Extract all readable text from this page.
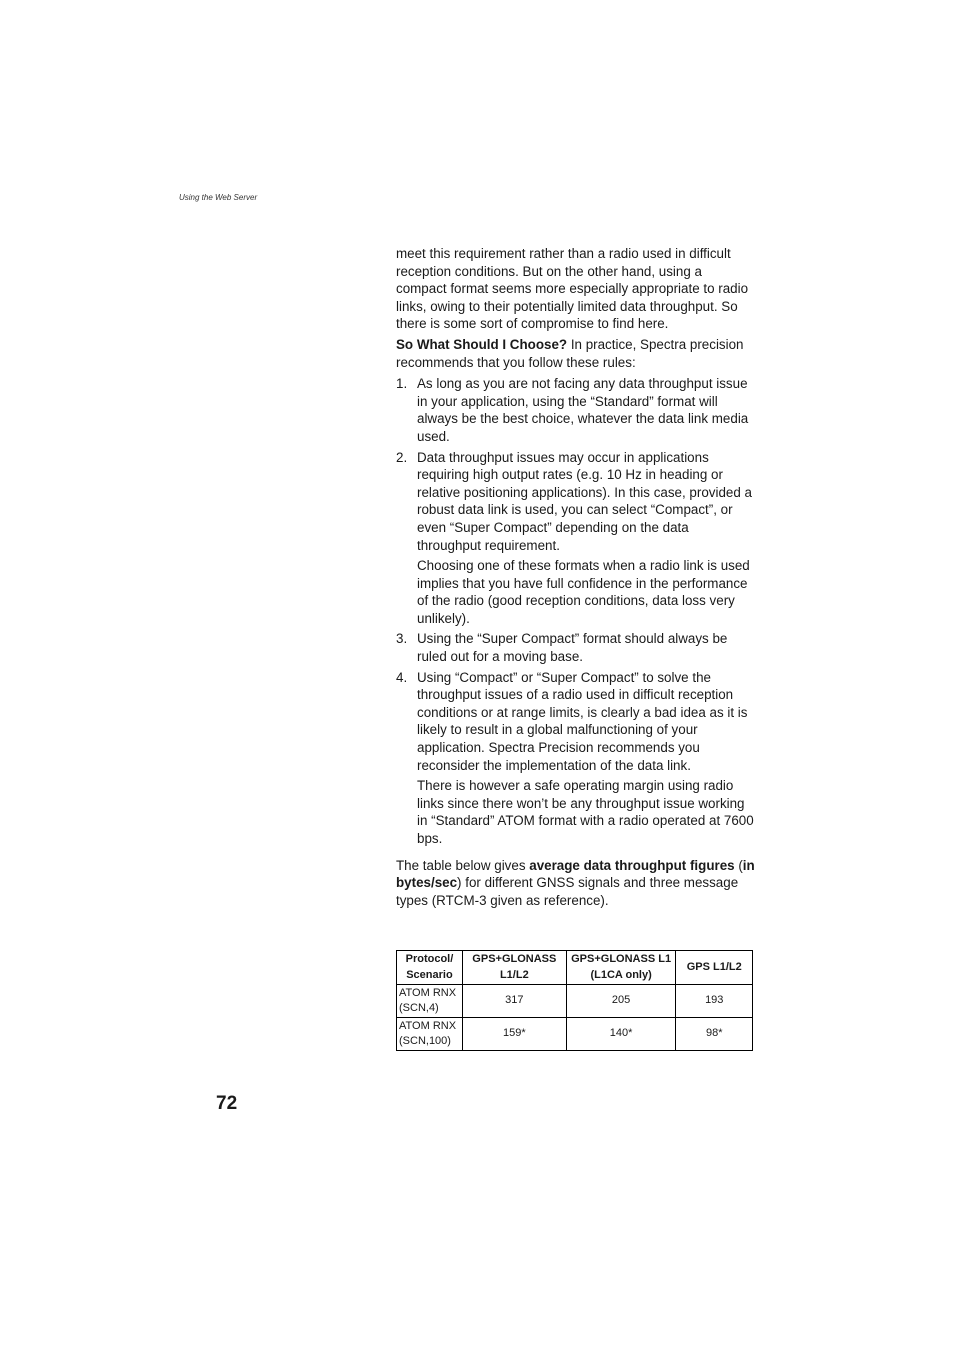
Using the Web Server

meet this requirement rather than a radio used in difficult reception conditions. But on the other hand, using a compact format seems more especially appropriate to radio links, owing to their potentially limited data throughput. So there is some sort of compromise to find here.

So What Should I Choose? In practice, Spectra precision recommends that you follow these rules:

1. As long as you are not facing any data throughput issue in your application, using the “Standard” format will always be the best choice, whatever the data link media used.
2. Data throughput issues may occur in applications requiring high output rates (e.g. 10 Hz in heading or relative positioning applications). In this case, provided a robust data link is used, you can select “Compact”, or even “Super Compact” depending on the data throughput requirement.
Choosing one of these formats when a radio link is used implies that you have full confidence in the performance of the radio (good reception conditions, data loss very unlikely).
3. Using the “Super Compact” format should always be ruled out for a moving base.
4. Using “Compact” or “Super Compact” to solve the throughput issues of a radio used in difficult reception conditions or at range limits, is clearly a bad idea as it is likely to result in a global malfunctioning of your application. Spectra Precision recommends you reconsider the implementation of the data link.
There is however a safe operating margin using radio links since there won’t be any throughput issue working in “Standard” ATOM format with a radio operated at 7600 bps.

The table below gives average data throughput figures (in bytes/sec) for different GNSS signals and three message types (RTCM-3 given as reference).

Protocol/ Scenario	GPS+GLONASS L1/L2	GPS+GLONASS L1 (L1CA only)	GPS L1/L2
ATOM RNX (SCN,4)	317	205	193
ATOM RNX (SCN,100)	159*	140*	98*
72
